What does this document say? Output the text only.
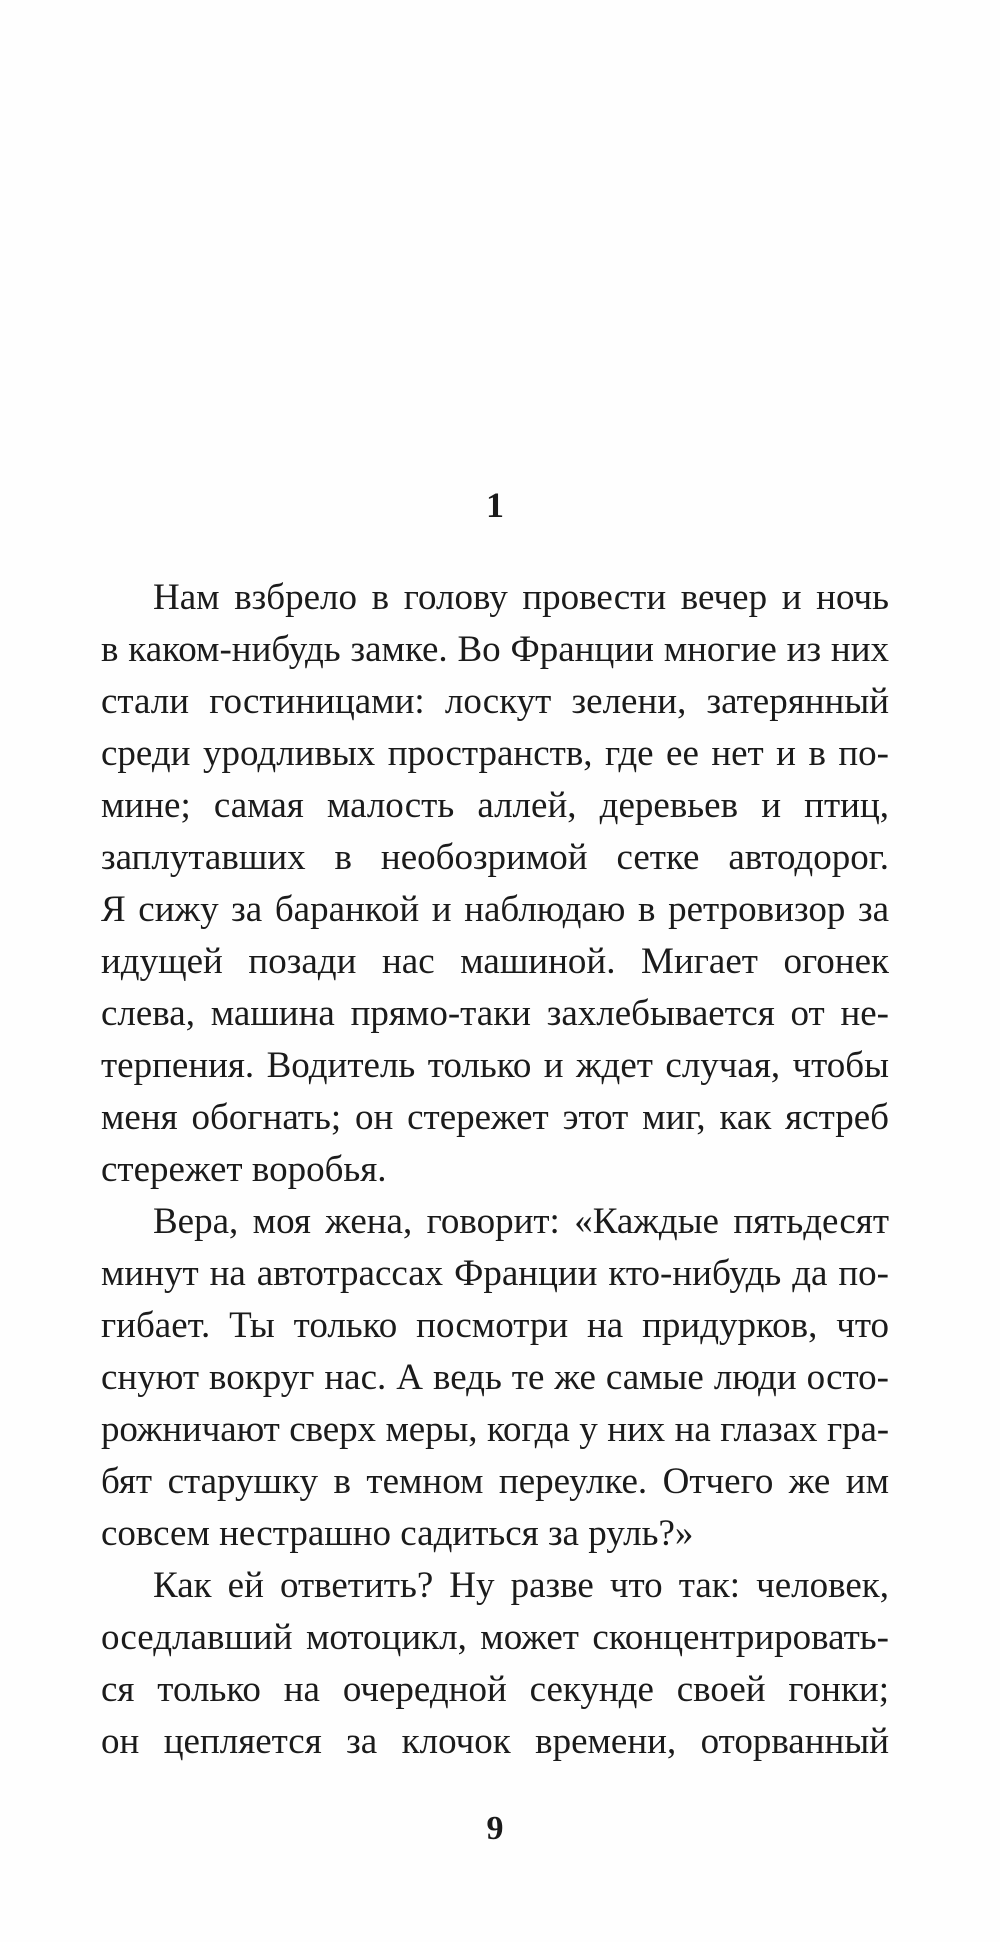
1
Нам взбрело в голову провести вечер и ночь
в каком-нибудь замке. Во Франции многие из них
стали гостиницами: лоскут зелени, затерянный
среди уродливых пространств, где ее нет и в по-
мине; самая малость аллей, деревьев и птиц,
заплутавших в необозримой сетке автодорог.
Я сижу за баранкой и наблюдаю в ретровизор за
идущей позади нас машиной. Мигает огонек
слева, машина прямо-таки захлебывается от не-
терпения. Водитель только и ждет случая, чтобы
меня обогнать; он стережет этот миг, как ястреб
стережет воробья.
Вера, моя жена, говорит: «Каждые пятьдесят
минут на автотрассах Франции кто-нибудь да по-
гибает. Ты только посмотри на придурков, что
снуют вокруг нас. А ведь те же самые люди осто-
рожничают сверх меры, когда у них на глазах гра-
бят старушку в темном переулке. Отчего же им
совсем нестрашно садиться за руль?»
Как ей ответить? Ну разве что так: человек,
оседлавший мотоцикл, может сконцентрировать-
ся только на очередной секунде своей гонки;
он цепляется за клочок времени, оторванный
9
